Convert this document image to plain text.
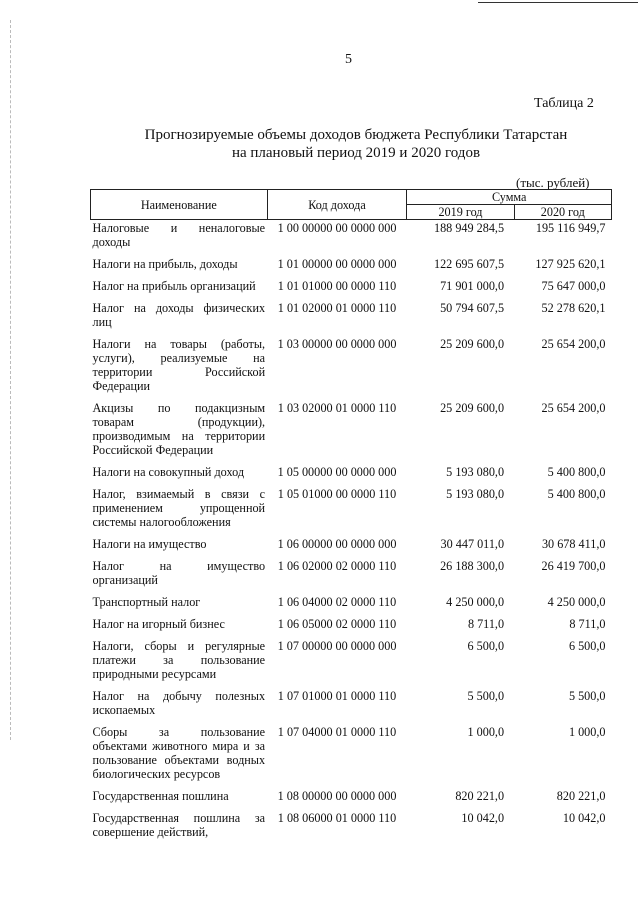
5
Таблица 2
Прогнозируемые объемы доходов бюджета Республики Татарстан
на плановый период 2019 и 2020 годов
(тыс. рублей)
Наименование	Код дохода	Сумма	
		2019 год	2020 год
Налоговые и неналоговые доходы	1 00 00000 00 0000 000	188 949 284,5	195 116 949,7
Налоги на прибыль, доходы	1 01 00000 00 0000 000	122 695 607,5	127 925 620,1
Налог на прибыль организаций	1 01 01000 00 0000 110	71 901 000,0	75 647 000,0
Налог на доходы физических лиц	1 01 02000 01 0000 110	50 794 607,5	52 278 620,1
Налоги на товары (работы, услуги), реализуемые на территории Российской Федерации	1 03 00000 00 0000 000	25 209 600,0	25 654 200,0
Акцизы по подакцизным товарам (продукции), производимым на территории Российской Федерации	1 03 02000 01 0000 110	25 209 600,0	25 654 200,0
Налоги на совокупный доход	1 05 00000 00 0000 000	5 193 080,0	5 400 800,0
Налог, взимаемый в связи с применением упрощенной системы налогообложения	1 05 01000 00 0000 110	5 193 080,0	5 400 800,0
Налоги на имущество	1 06 00000 00 0000 000	30 447 011,0	30 678 411,0
Налог на имущество организаций	1 06 02000 02 0000 110	26 188 300,0	26 419 700,0
Транспортный налог	1 06 04000 02 0000 110	4 250 000,0	4 250 000,0
Налог на игорный бизнес	1 06 05000 02 0000 110	8 711,0	8 711,0
Налоги, сборы и регулярные платежи за пользование природными ресурсами	1 07 00000 00 0000 000	6 500,0	6 500,0
Налог на добычу полезных ископаемых	1 07 01000 01 0000 110	5 500,0	5 500,0
Сборы за пользование объектами животного мира и за пользование объектами водных биологических ресурсов	1 07 04000 01 0000 110	1 000,0	1 000,0
Государственная пошлина	1 08 00000 00 0000 000	820 221,0	820 221,0
Государственная пошлина за совершение действий,	1 08 06000 01 0000 110	10 042,0	10 042,0
